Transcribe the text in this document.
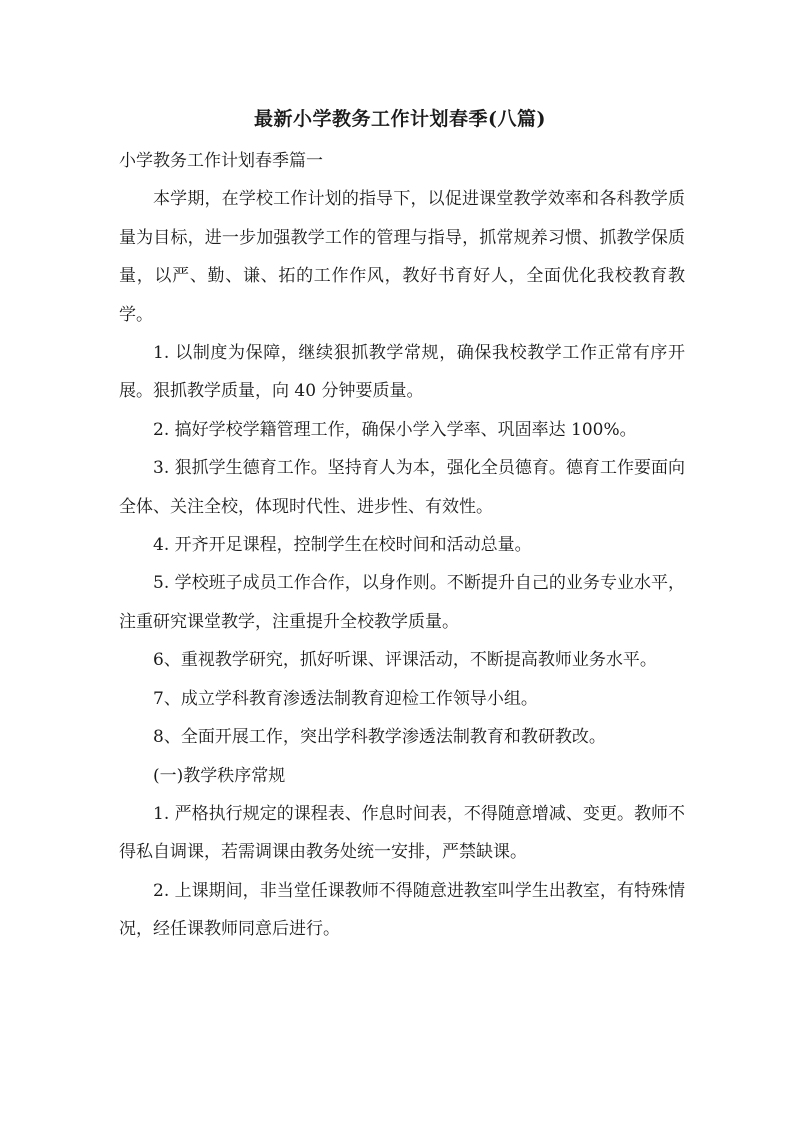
最新小学教务工作计划春季(八篇)

小学教务工作计划春季篇一

本学期，在学校工作计划的指导下，以促进课堂教学效率和各科教学质量为目标，进一步加强教学工作的管理与指导，抓常规养习惯、抓教学保质量，以严、勤、谦、拓的工作作风，教好书育好人，全面优化我校教育教学。

1. 以制度为保障，继续狠抓教学常规，确保我校教学工作正常有序开展。狠抓教学质量，向 40 分钟要质量。

2. 搞好学校学籍管理工作，确保小学入学率、巩固率达 100%。

3. 狠抓学生德育工作。坚持育人为本，强化全员德育。德育工作要面向全体、关注全校，体现时代性、进步性、有效性。

4. 开齐开足课程，控制学生在校时间和活动总量。

5. 学校班子成员工作合作，以身作则。不断提升自己的业务专业水平，注重研究课堂教学，注重提升全校教学质量。

6、重视教学研究，抓好听课、评课活动，不断提高教师业务水平。

7、成立学科教育渗透法制教育迎检工作领导小组。

8、全面开展工作，突出学科教学渗透法制教育和教研教改。

(一)教学秩序常规

1. 严格执行规定的课程表、作息时间表，不得随意增减、变更。教师不得私自调课，若需调课由教务处统一安排，严禁缺课。

2. 上课期间，非当堂任课教师不得随意进教室叫学生出教室，有特殊情况，经任课教师同意后进行。
